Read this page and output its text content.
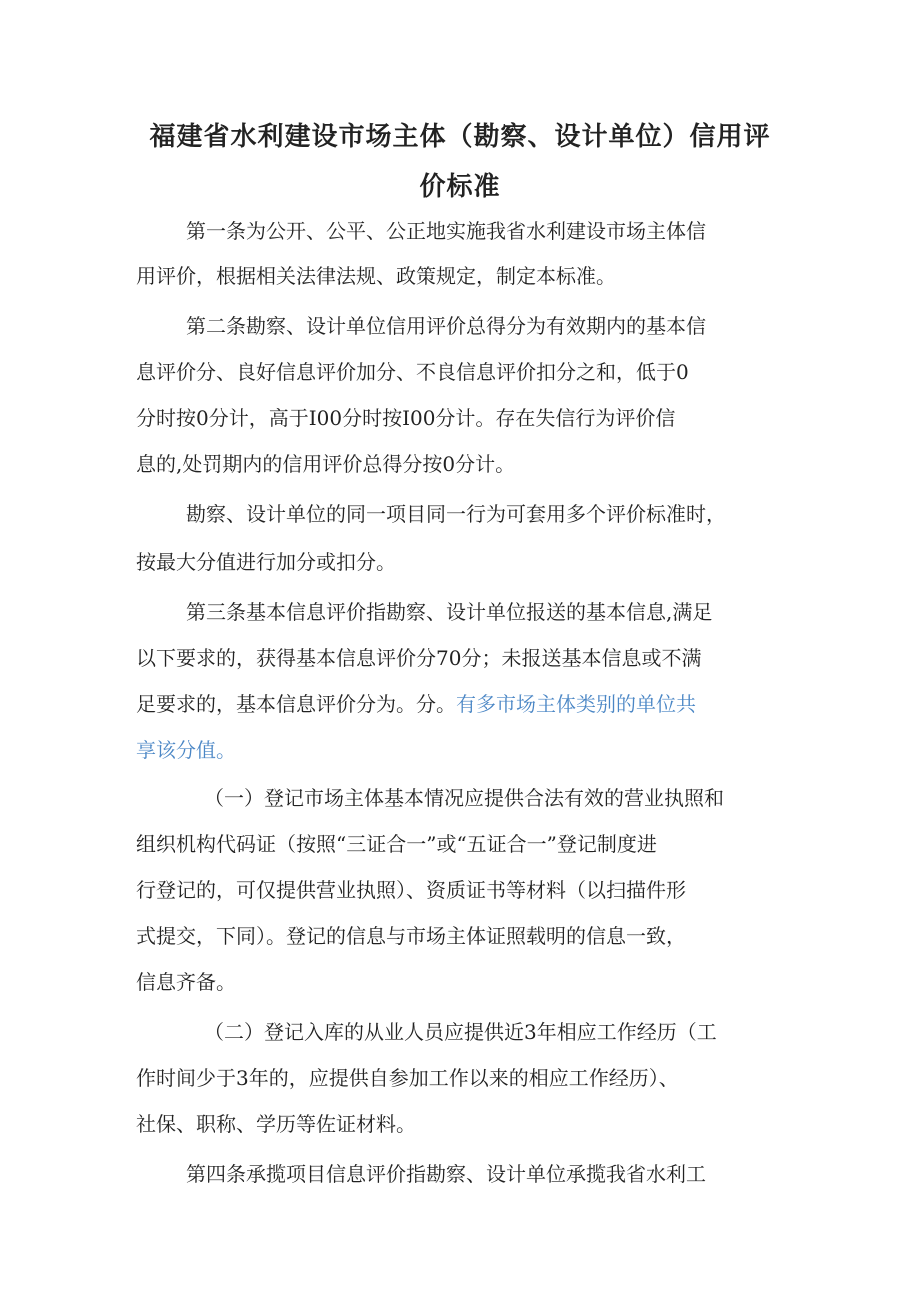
福建省水利建设市场主体（勘察、设计单位）信用评
价标准

第一条为公开、公平、公正地实施我省水利建设市场主体信

用评价，根据相关法律法规、政策规定，制定本标准。

第二条勘察、设计单位信用评价总得分为有效期内的基本信

息评价分、良好信息评价加分、不良信息评价扣分之和，低于0

分时按0分计，高于I00分时按I00分计。存在失信行为评价信

息的,处罚期内的信用评价总得分按0分计。

勘察、设计单位的同一项目同一行为可套用多个评价标准时，

按最大分值进行加分或扣分。

第三条基本信息评价指勘察、设计单位报送的基本信息,满足

以下要求的，获得基本信息评价分70分；未报送基本信息或不满

足要求的，基本信息评价分为。分。有多市场主体类别的单位共

享该分值。

（一）登记市场主体基本情况应提供合法有效的营业执照和

组织机构代码证（按照“三证合一”或“五证合一”登记制度进

行登记的，可仅提供营业执照）、资质证书等材料（以扫描件形

式提交，下同）。登记的信息与市场主体证照载明的信息一致，

信息齐备。

（二）登记入库的从业人员应提供近3年相应工作经历（工

作时间少于3年的，应提供自参加工作以来的相应工作经历）、

社保、职称、学历等佐证材料。

第四条承揽项目信息评价指勘察、设计单位承揽我省水利工
